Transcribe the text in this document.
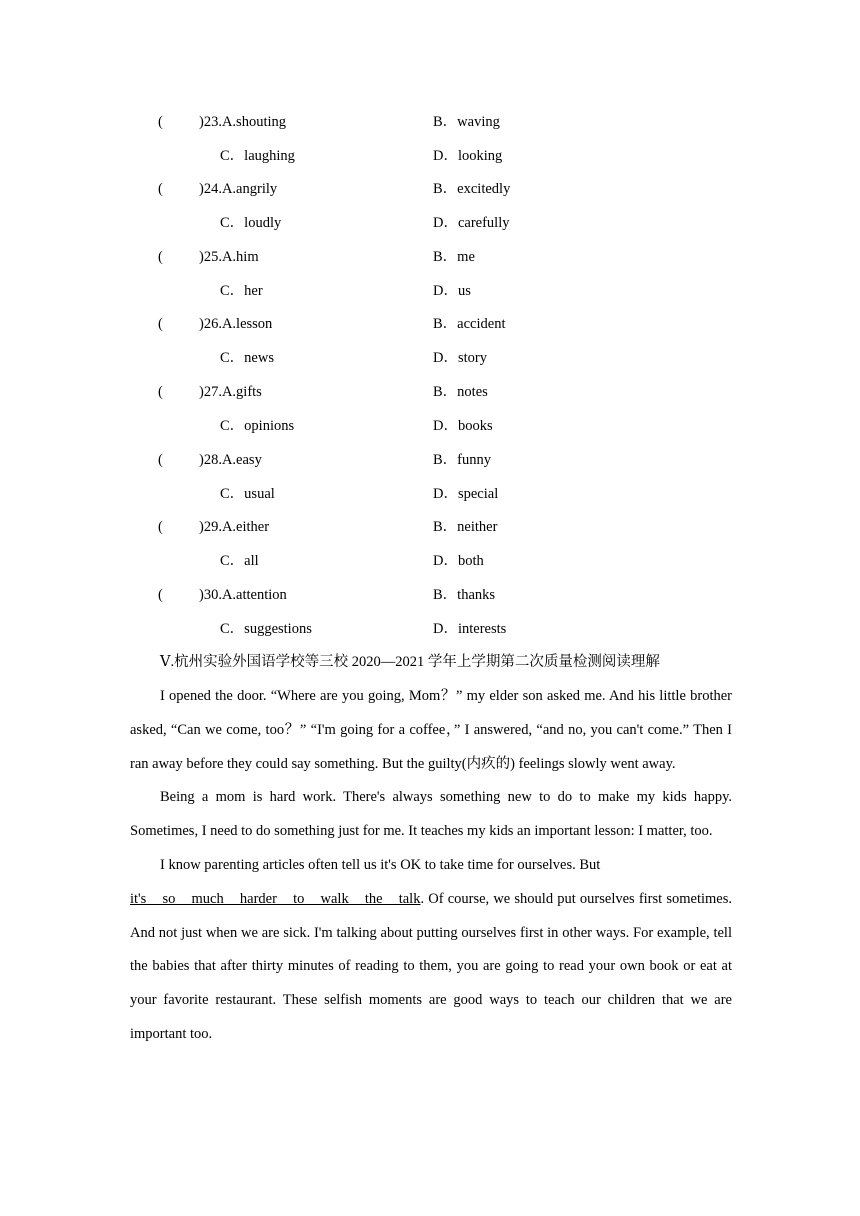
( )23.A.shouting	B．waving
C．laughing	D．looking
( )24.A.angrily	B．excitedly
C．loudly	D．carefully
( )25.A.him	B．me
C．her	D．us
( )26.A.lesson	B．accident
C．news	D．story
( )27.A.gifts	B．notes
C．opinions	D．books
( )28.A.easy	B．funny
C．usual	D．special
( )29.A.either	B．neither
C．all	D．both
( )30.A.attention	B．thanks
C．suggestions	D．interests
Ⅴ.杭州实验外国语学校等三校 2020—2021 学年上学期第二次质量检测阅读理解

I opened the door. “Where are you going, Mom？” my elder son asked me. And his little brother asked, “Can we come, too？” “I'm going for a coffee，” I answered, “and no, you can't come.” Then I ran away before they could say something. But the guilty(内疚的) feelings slowly went away.

Being a mom is hard work. There's always something new to do to make my kids happy. Sometimes, I need to do something just for me. It teaches my kids an important lesson: I matter, too.

I know parenting articles often tell us it's OK to take time for ourselves. But
it's so much harder to walk the talk. Of course, we should put ourselves first sometimes. And not just when we are sick. I'm talking about putting ourselves first in other ways. For example, tell the babies that after thirty minutes of reading to them, you are going to read your own book or eat at your favorite restaurant. These selfish moments are good ways to teach our children that we are important too.
